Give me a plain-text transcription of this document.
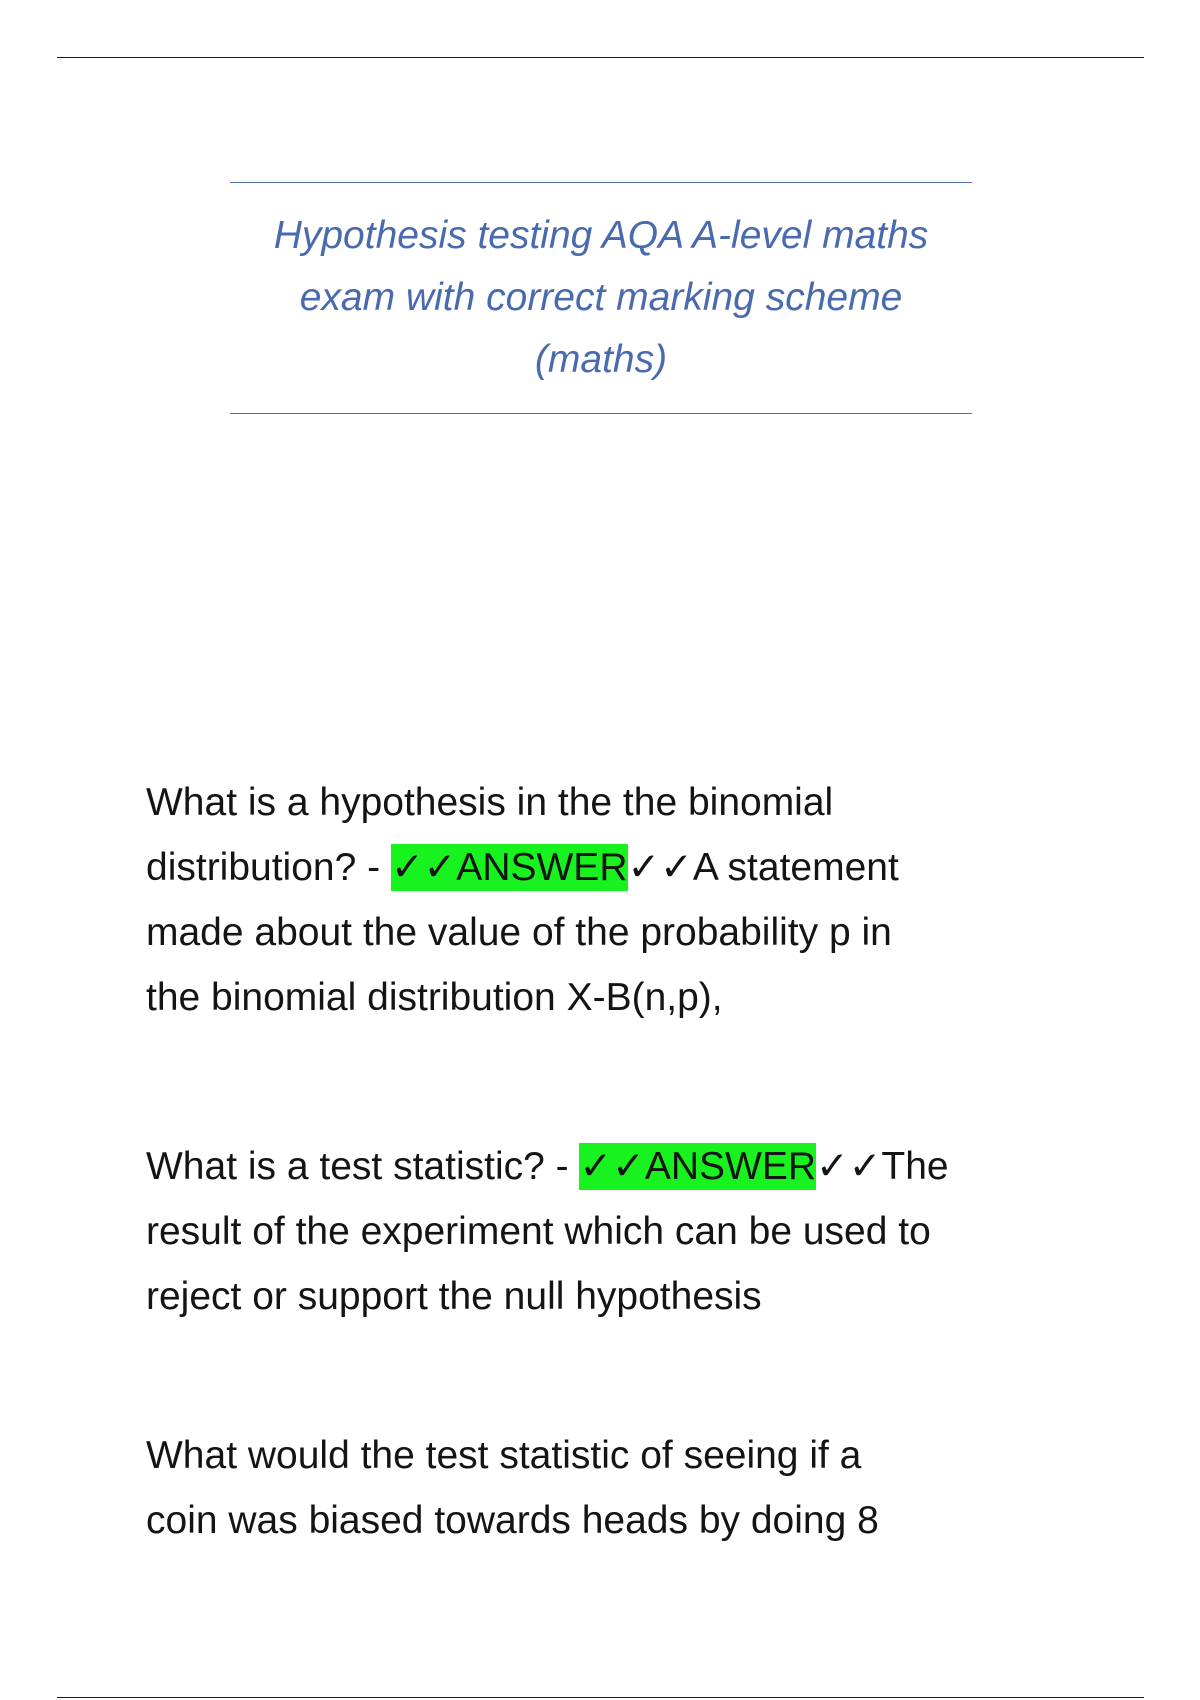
Hypothesis testing AQA A-level maths
exam with correct marking scheme
(maths)
What is a hypothesis in the the binomial
distribution? - ✓✓ANSWER✓✓A statement
made about the value of the probability p in
the binomial distribution X-B(n,p),
What is a test statistic? - ✓✓ANSWER✓✓The
result of the experiment which can be used to
reject or support the null hypothesis
What would the test statistic of seeing if a
coin was biased towards heads by doing 8
